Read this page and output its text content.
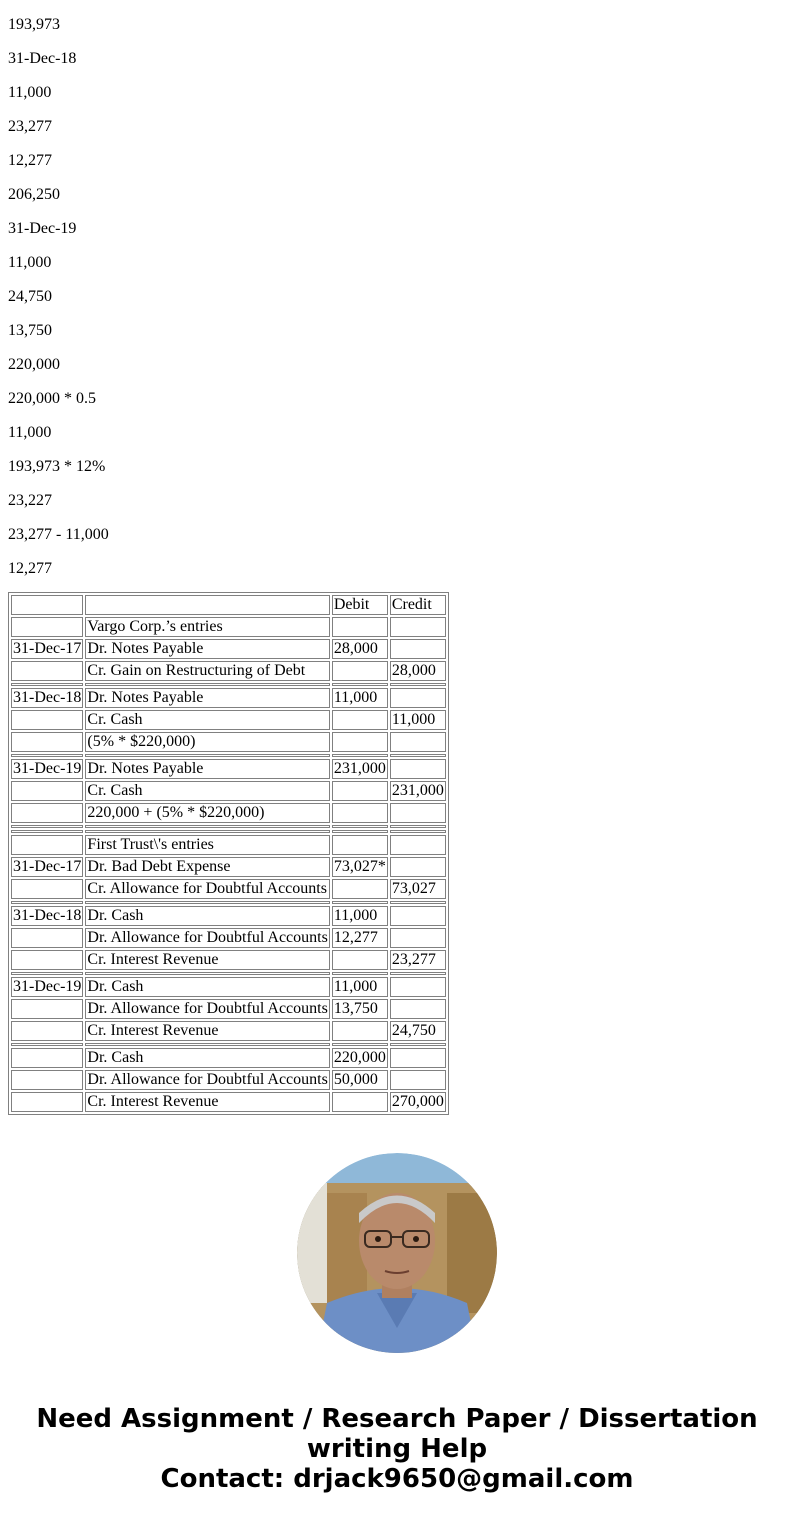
193,973

31-Dec-18

11,000

23,277

12,277

206,250

31-Dec-19

11,000

24,750

13,750

220,000

220,000 * 0.5

11,000

193,973 * 12%

23,227

23,277 - 11,000

12,277

		Debit	Credit
	Vargo Corp.’s entries		
31-Dec-17	Dr. Notes Payable	28,000	
	Cr. Gain on Restructuring of Debt		28,000

31-Dec-18	Dr. Notes Payable	11,000	
	Cr. Cash		11,000
	(5% * $220,000)		

31-Dec-19	Dr. Notes Payable	231,000	
	Cr. Cash		231,000
	220,000 + (5% * $220,000)		

	First Trust\'s entries		
31-Dec-17	Dr. Bad Debt Expense	73,027*	
	Cr. Allowance for Doubtful Accounts		73,027

31-Dec-18	Dr. Cash	11,000	
	Dr. Allowance for Doubtful Accounts	12,277	
	Cr. Interest Revenue		23,277

31-Dec-19	Dr. Cash	11,000	
	Dr. Allowance for Doubtful Accounts	13,750	
	Cr. Interest Revenue		24,750

	Dr. Cash	220,000	
	Dr. Allowance for Doubtful Accounts	50,000	
	Cr. Interest Revenue		270,000
Need Assignment / Research Paper / Dissertation
writing Help
Contact: drjack9650@gmail.com
